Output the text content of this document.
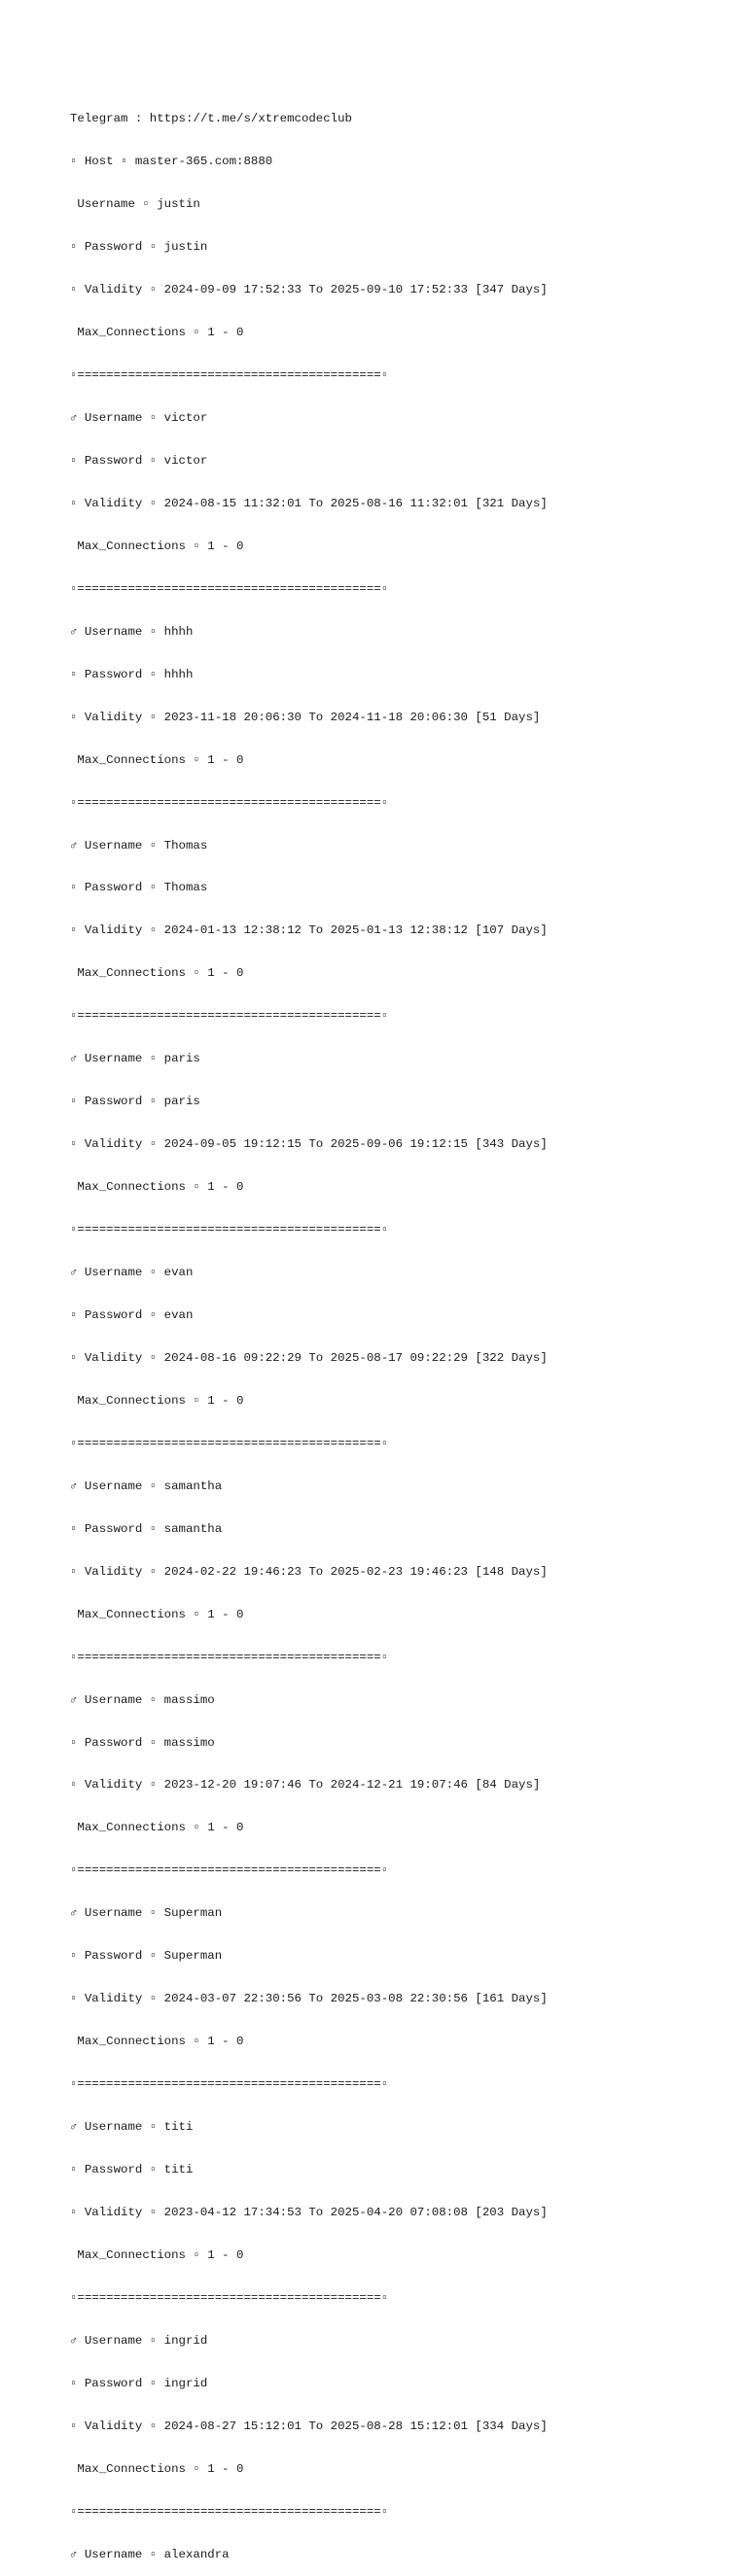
Telegram : https://t.me/s/xtremcodeclub

▫ Host ▫ master-365.com:8880

Username ▫ justin

▫ Password ▫ justin

▫ Validity ▫ 2024-09-09 17:52:33 To 2025-09-10 17:52:33 [347 Days]

Max_Connections ▫ 1 - 0

▫==========================================▫

♂ Username ▫ victor

▫ Password ▫ victor

▫ Validity ▫ 2024-08-15 11:32:01 To 2025-08-16 11:32:01 [321 Days]

Max_Connections ▫ 1 - 0

▫==========================================▫

♂ Username ▫ hhhh

▫ Password ▫ hhhh

▫ Validity ▫ 2023-11-18 20:06:30 To 2024-11-18 20:06:30 [51 Days]

Max_Connections ▫ 1 - 0

▫==========================================▫

♂ Username ▫ Thomas

▫ Password ▫ Thomas

▫ Validity ▫ 2024-01-13 12:38:12 To 2025-01-13 12:38:12 [107 Days]

Max_Connections ▫ 1 - 0

▫==========================================▫

♂ Username ▫ paris

▫ Password ▫ paris

▫ Validity ▫ 2024-09-05 19:12:15 To 2025-09-06 19:12:15 [343 Days]

Max_Connections ▫ 1 - 0

▫==========================================▫

♂ Username ▫ evan

▫ Password ▫ evan

▫ Validity ▫ 2024-08-16 09:22:29 To 2025-08-17 09:22:29 [322 Days]

Max_Connections ▫ 1 - 0

▫==========================================▫

♂ Username ▫ samantha

▫ Password ▫ samantha

▫ Validity ▫ 2024-02-22 19:46:23 To 2025-02-23 19:46:23 [148 Days]

Max_Connections ▫ 1 - 0

▫==========================================▫

♂ Username ▫ massimo

▫ Password ▫ massimo

▫ Validity ▫ 2023-12-20 19:07:46 To 2024-12-21 19:07:46 [84 Days]

Max_Connections ▫ 1 - 0

▫==========================================▫

♂ Username ▫ Superman

▫ Password ▫ Superman

▫ Validity ▫ 2024-03-07 22:30:56 To 2025-03-08 22:30:56 [161 Days]

Max_Connections ▫ 1 - 0

▫==========================================▫

♂ Username ▫ titi

▫ Password ▫ titi

▫ Validity ▫ 2023-04-12 17:34:53 To 2025-04-20 07:08:08 [203 Days]

Max_Connections ▫ 1 - 0

▫==========================================▫

♂ Username ▫ ingrid

▫ Password ▫ ingrid

▫ Validity ▫ 2024-08-27 15:12:01 To 2025-08-28 15:12:01 [334 Days]

Max_Connections ▫ 1 - 0

▫==========================================▫

♂ Username ▫ alexandra
